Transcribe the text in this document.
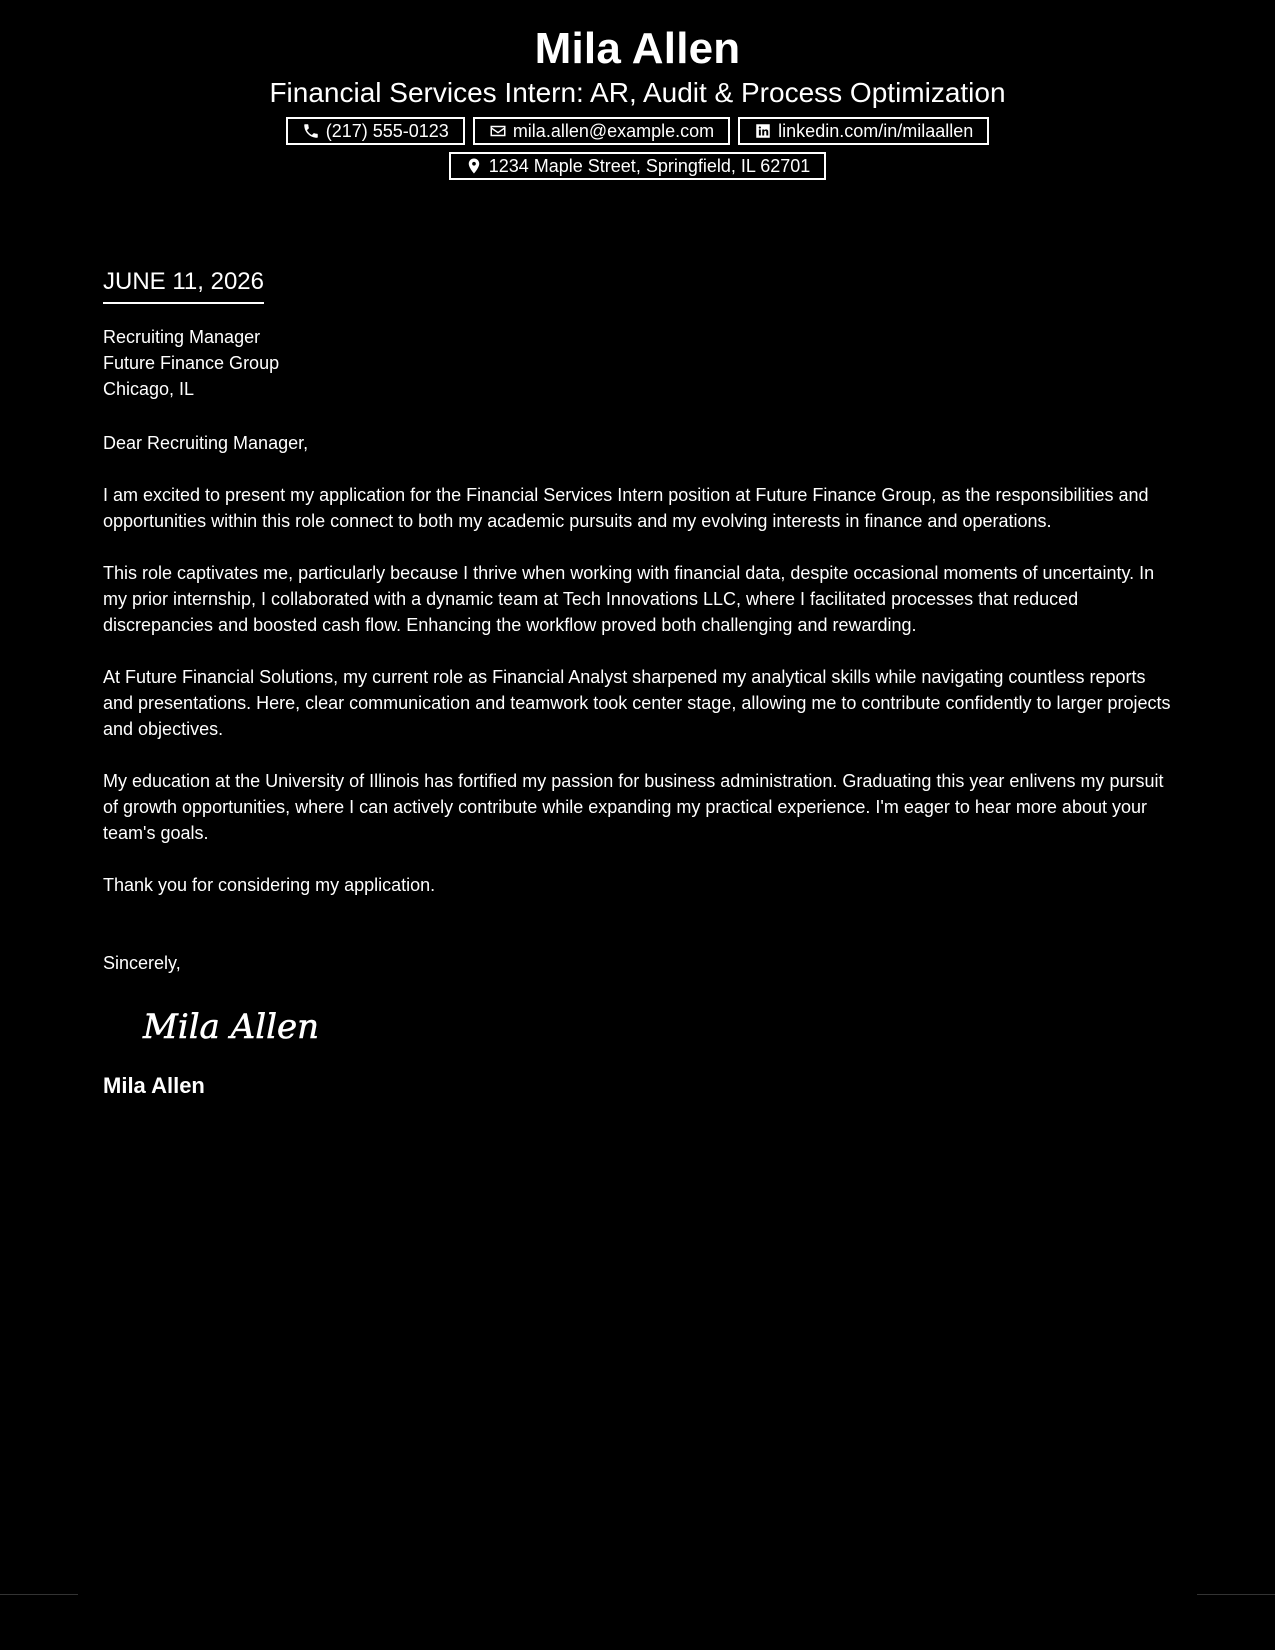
Mila Allen
Financial Services Intern: AR, Audit & Process Optimization
(217) 555-0123	mila.allen@example.com	linkedin.com/in/milaallen
1234 Maple Street, Springfield, IL 62701
JUNE 11, 2026
Recruiting Manager
Future Finance Group
Chicago, IL
Dear Recruiting Manager,

I am excited to present my application for the Financial Services Intern position at Future Finance Group, as the responsibilities and opportunities within this role connect to both my academic pursuits and my evolving interests in finance and operations.

This role captivates me, particularly because I thrive when working with financial data, despite occasional moments of uncertainty. In my prior internship, I collaborated with a dynamic team at Tech Innovations LLC, where I facilitated processes that reduced discrepancies and boosted cash flow. Enhancing the workflow proved both challenging and rewarding.

At Future Financial Solutions, my current role as Financial Analyst sharpened my analytical skills while navigating countless reports and presentations. Here, clear communication and teamwork took center stage, allowing me to contribute confidently to larger projects and objectives.

My education at the University of Illinois has fortified my passion for business administration. Graduating this year enlivens my pursuit of growth opportunities, where I can actively contribute while expanding my practical experience. I'm eager to hear more about your team's goals.

Thank you for considering my application.

Sincerely,
Mila Allen
Mila Allen
